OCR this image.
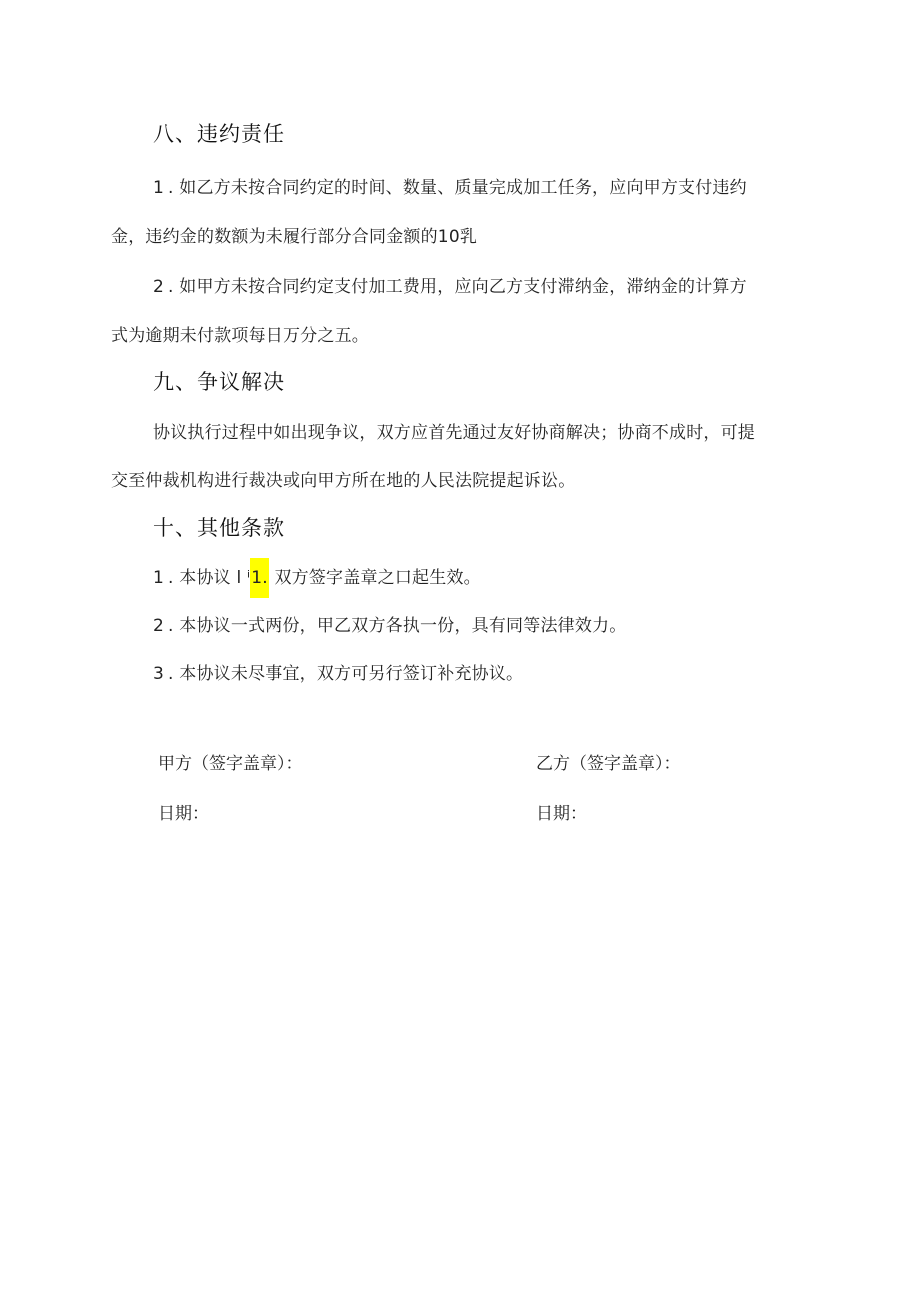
八、违约责任
1 . 如乙方未按合同约定的时间、数量、质量完成加工任务，应向甲方支付违约
金，违约金的数额为未履行部分合同金额的10乳
2 . 如甲方未按合同约定支付加工费用，应向乙方支付滞纳金，滞纳金的计算方
式为逾期未付款项每日万分之五。
九、争议解决
协议执行过程中如出现争议，双方应首先通过友好协商解决；协商不成时，可提
交至仲裁机构进行裁决或向甲方所在地的人民法院提起诉讼。
十、其他条款
1 . 本协议 l ⁱ1. 双方签字盖章之口起生效。
2 . 本协议一式两份，甲乙双方各执一份，具有同等法律效力。
3 . 本协议未尽事宜，双方可另行签订补充协议。
甲方（签字盖章）：	乙方（签字盖章）：
日期：	日期：
